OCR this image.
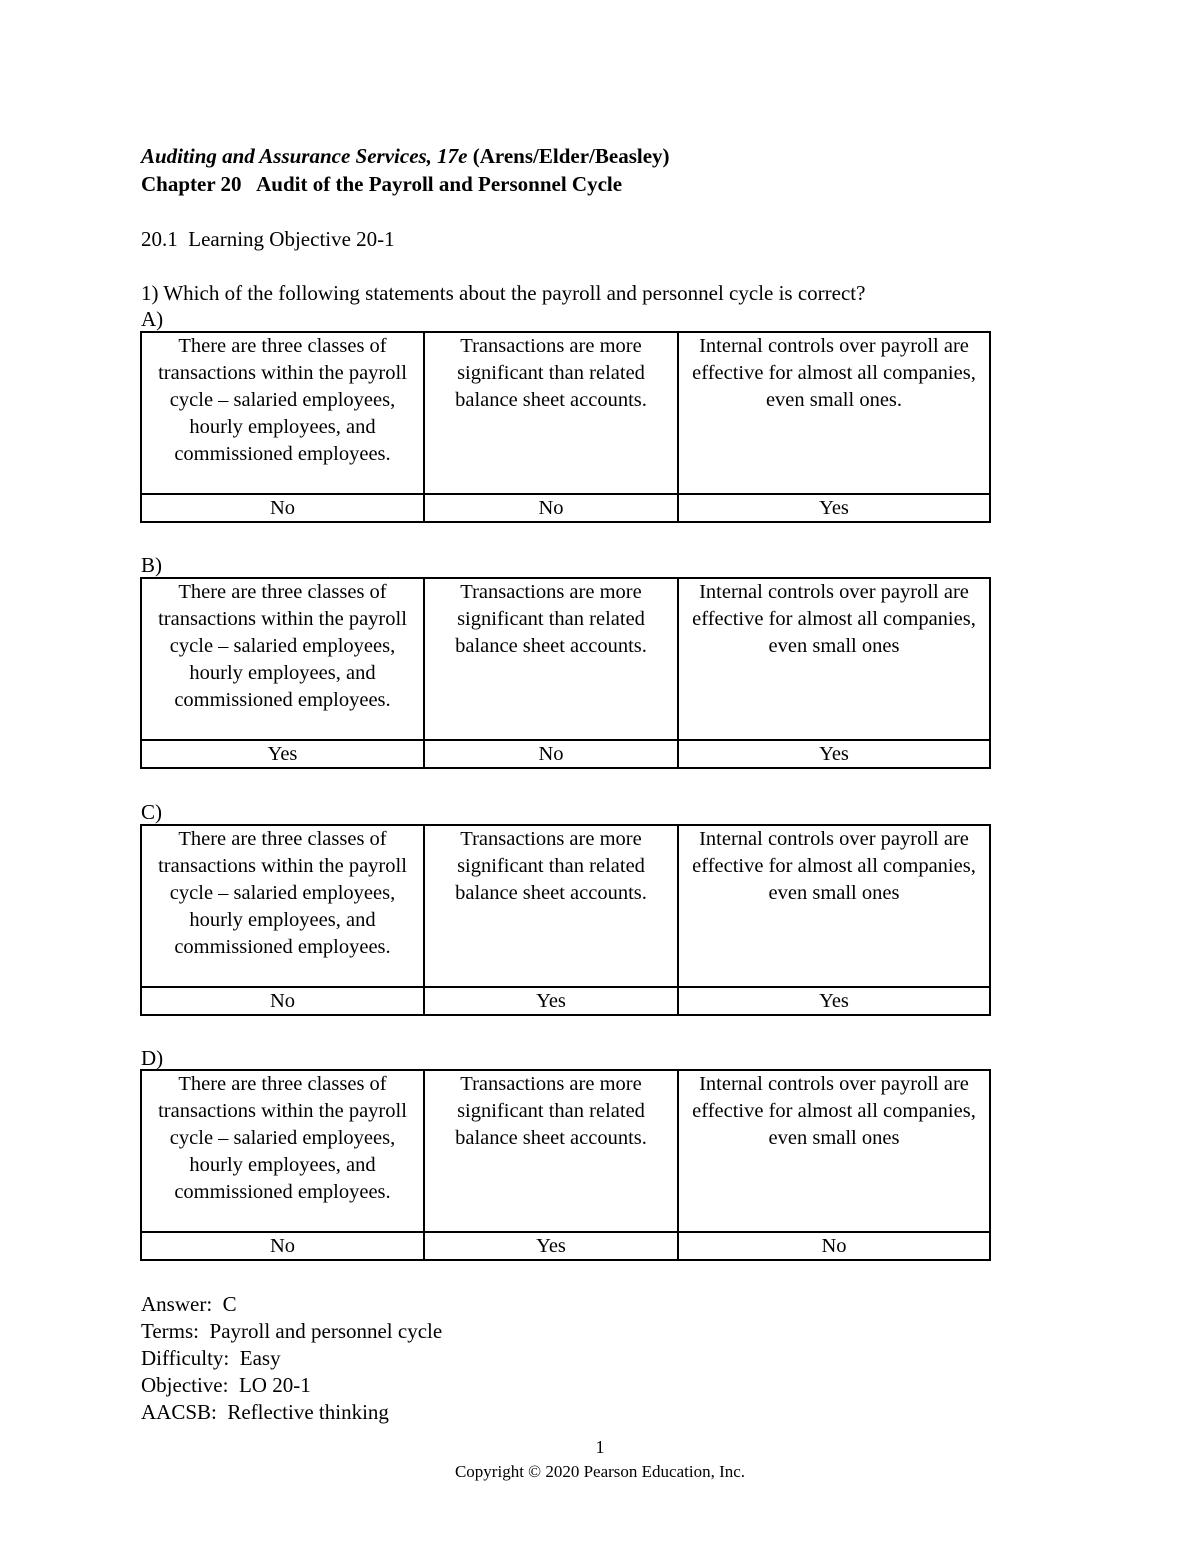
Auditing and Assurance Services, 17e (Arens/Elder/Beasley)
Chapter 20   Audit of the Payroll and Personnel Cycle
20.1  Learning Objective 20-1
1) Which of the following statements about the payroll and personnel cycle is correct?
A)
There are three classes of transactions within the payroll cycle – salaried employees, hourly employees, and commissioned employees.	Transactions are more significant than related balance sheet accounts.	Internal controls over payroll are effective for almost all companies, even small ones.

No	No	Yes
B)
There are three classes of transactions within the payroll cycle – salaried employees, hourly employees, and commissioned employees.	Transactions are more significant than related balance sheet accounts.	Internal controls over payroll are effective for almost all companies, even small ones

Yes	No	Yes
C)
There are three classes of transactions within the payroll cycle – salaried employees, hourly employees, and commissioned employees.	Transactions are more significant than related balance sheet accounts.	Internal controls over payroll are effective for almost all companies, even small ones

No	Yes	Yes
D)
There are three classes of transactions within the payroll cycle – salaried employees, hourly employees, and commissioned employees.	Transactions are more significant than related balance sheet accounts.	Internal controls over payroll are effective for almost all companies, even small ones

No	Yes	No
Answer:  C
Terms:  Payroll and personnel cycle
Difficulty:  Easy
Objective:  LO 20-1
AACSB:  Reflective thinking
1
Copyright © 2020 Pearson Education, Inc.
